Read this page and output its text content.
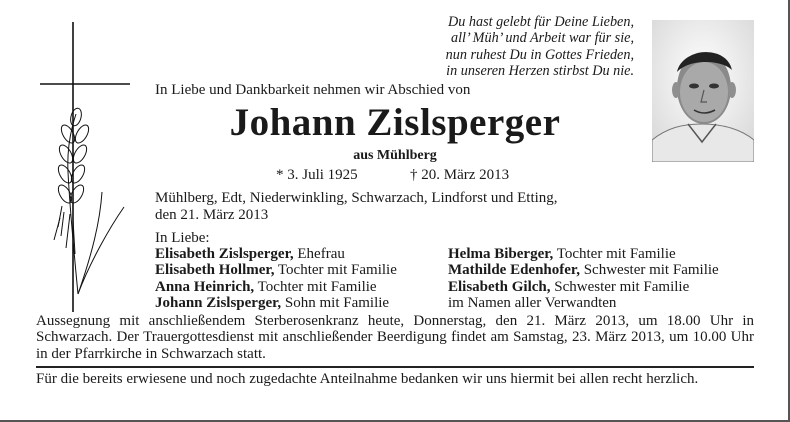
Du hast gelebt für Deine Lieben,
all’ Müh’ und Arbeit war für sie,
nun ruhest Du in Gottes Frieden,
in unseren Herzen stirbst Du nie.
In Liebe und Dankbarkeit nehmen wir Abschied von
Johann Zislsperger
aus Mühlberg
* 3. Juli 1925	† 20. März 2013
Mühlberg, Edt, Niederwinkling, Schwarzach, Lindforst und Etting,
den 21. März 2013
In Liebe:
Elisabeth Zislsperger, Ehefrau
Elisabeth Hollmer, Tochter mit Familie
Anna Heinrich, Tochter mit Familie
Johann Zislsperger, Sohn mit Familie
Helma Biberger, Tochter mit Familie
Mathilde Edenhofer, Schwester mit Familie
Elisabeth Gilch, Schwester mit Familie
im Namen aller Verwandten
Aussegnung mit anschließendem Sterberosenkranz heute, Donnerstag, den 21. März 2013, um 18.00 Uhr in Schwarzach. Der Trauergottesdienst mit anschließender Beerdigung findet am Samstag, 23. März 2013, um 10.00 Uhr in der Pfarrkirche in Schwarzach statt.
Für die bereits erwiesene und noch zugedachte Anteilnahme bedanken wir uns hiermit bei allen recht herzlich.
